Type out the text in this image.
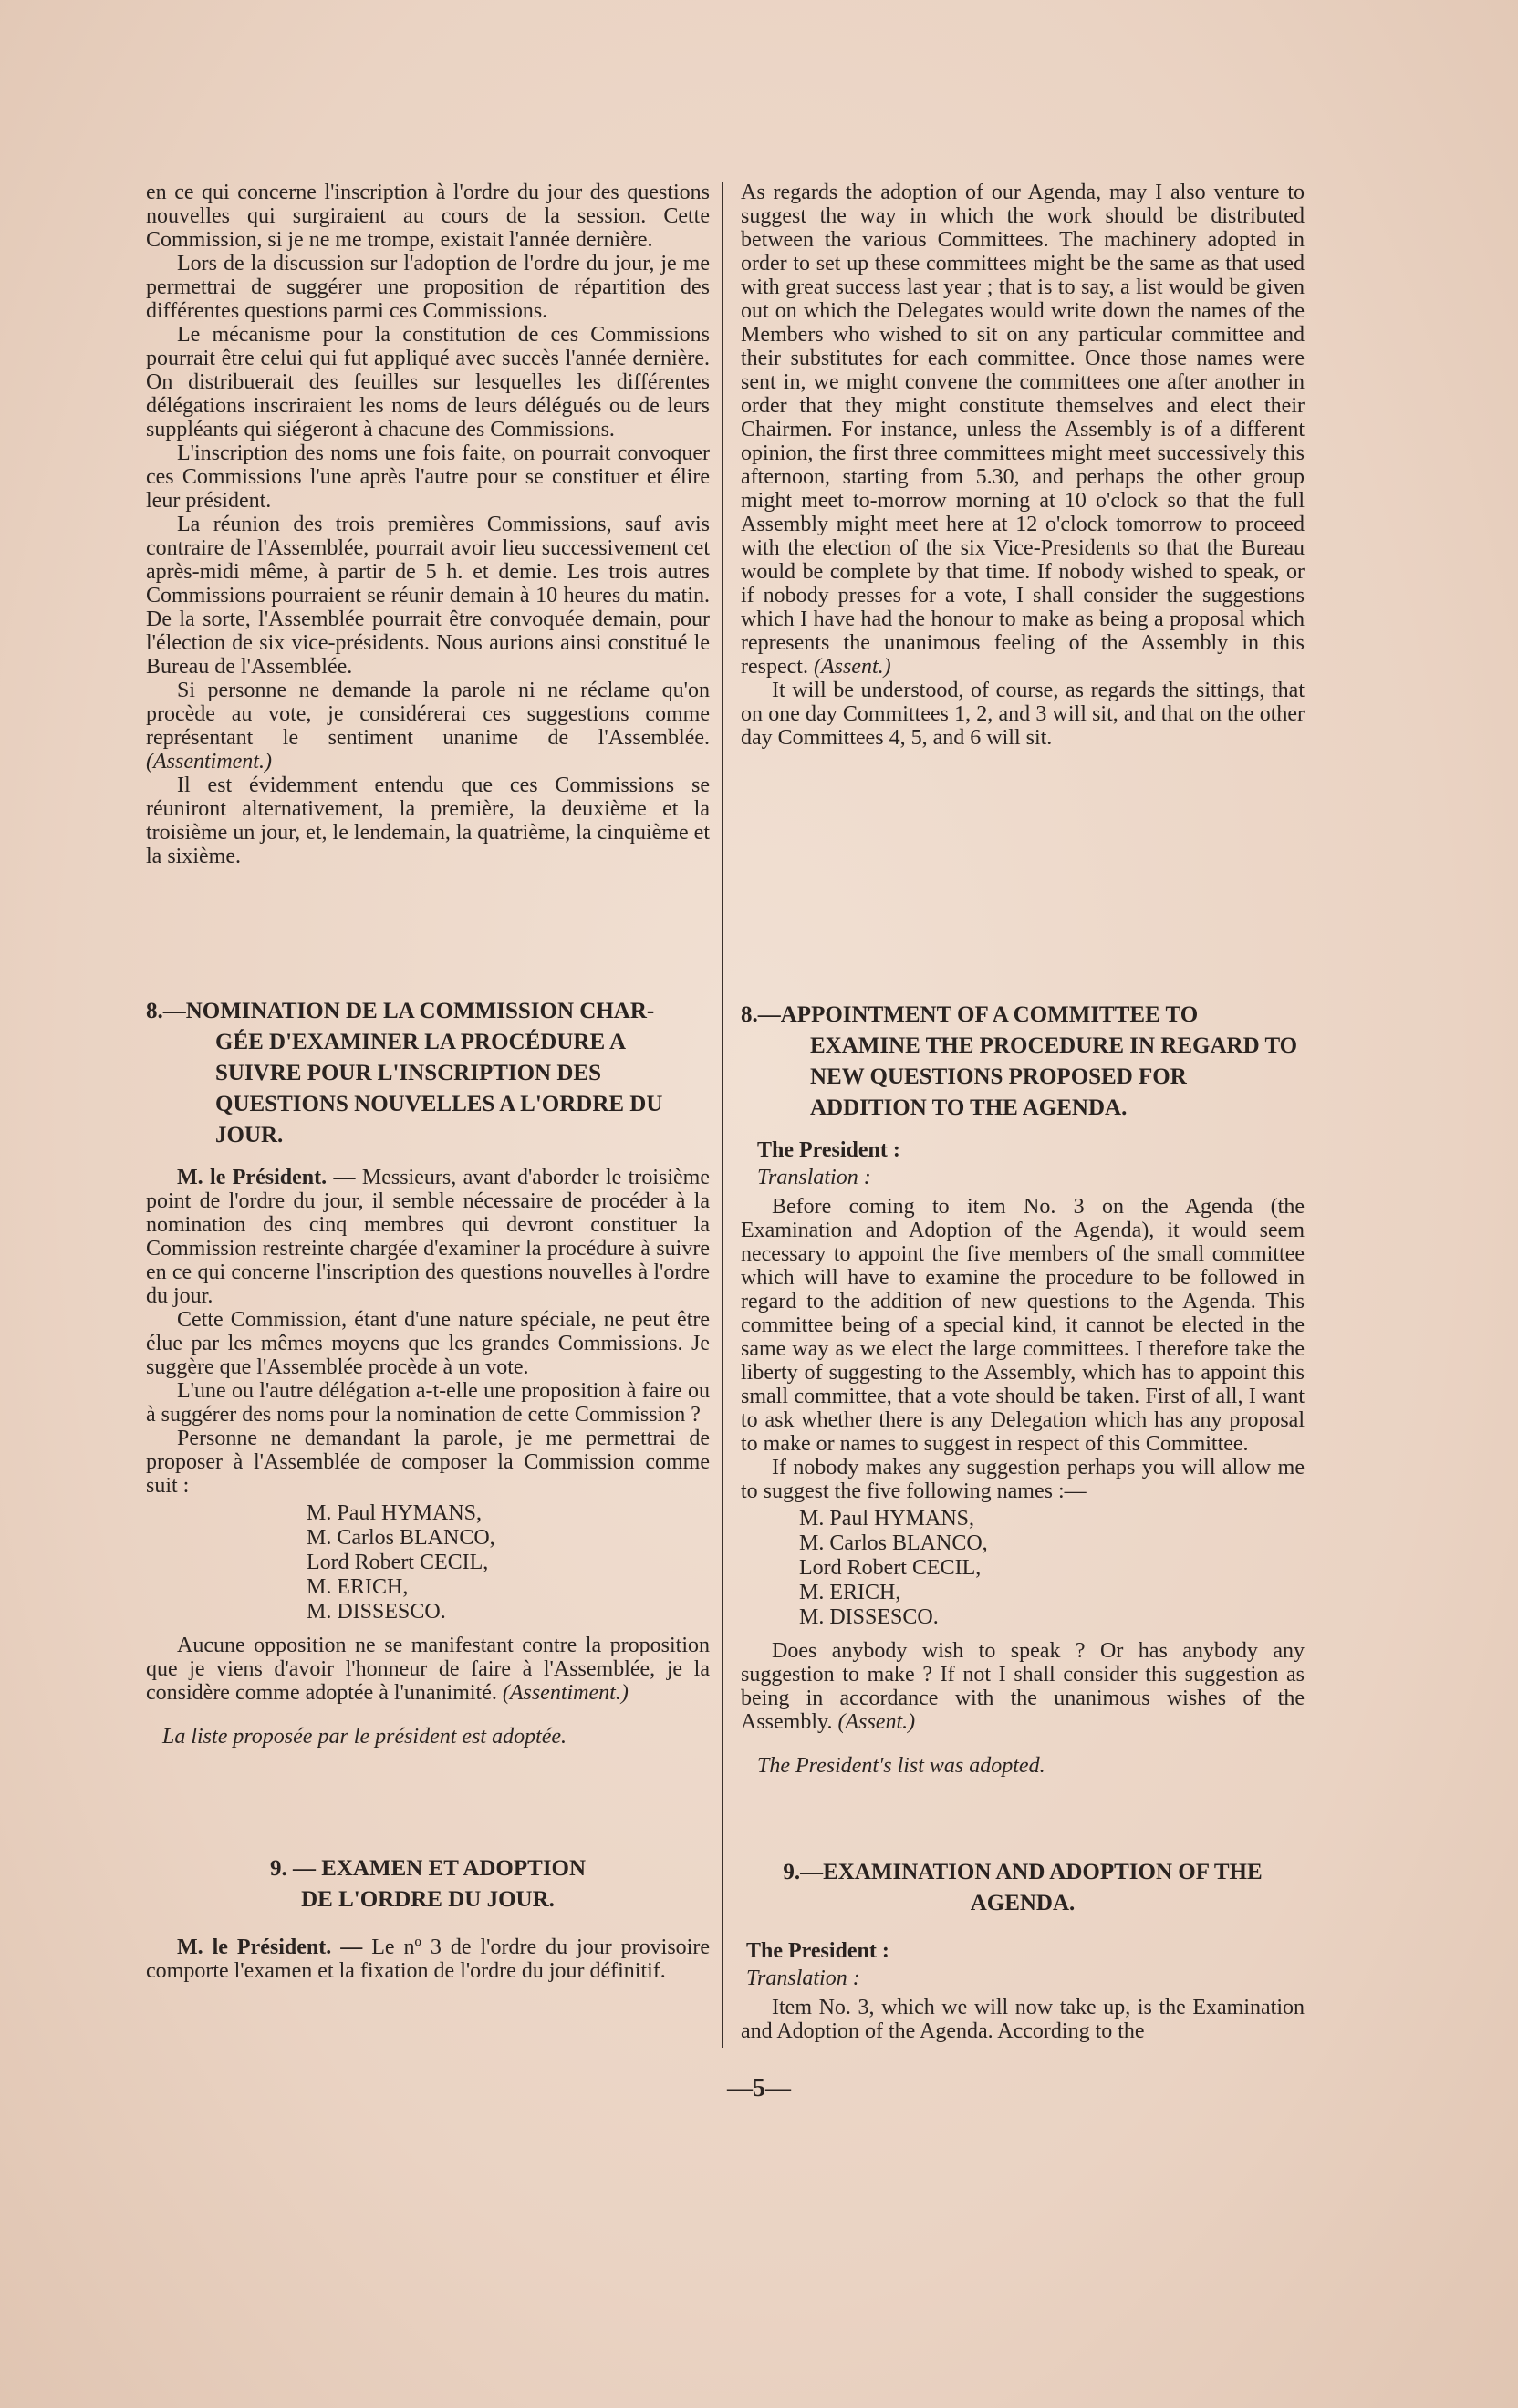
en ce qui concerne l'inscription à l'ordre du jour des questions nouvelles qui surgiraient au cours de la session. Cette Commission, si je ne me trompe, existait l'année dernière.

Lors de la discussion sur l'adoption de l'ordre du jour, je me permettrai de suggérer une proposition de répartition des différentes questions parmi ces Commissions.

Le mécanisme pour la constitution de ces Commissions pourrait être celui qui fut appliqué avec succès l'année dernière. On distribuerait des feuilles sur lesquelles les différentes délégations inscriraient les noms de leurs délégués ou de leurs suppléants qui siégeront à chacune des Commissions.

L'inscription des noms une fois faite, on pourrait convoquer ces Commissions l'une après l'autre pour se constituer et élire leur président.

La réunion des trois premières Commissions, sauf avis contraire de l'Assemblée, pourrait avoir lieu successivement cet après-midi même, à partir de 5 h. et demie. Les trois autres Commissions pourraient se réunir demain à 10 heures du matin. De la sorte, l'Assemblée pourrait être convoquée demain, pour l'élection de six vice-présidents. Nous aurions ainsi constitué le Bureau de l'Assemblée.

Si personne ne demande la parole ni ne réclame qu'on procède au vote, je considérerai ces suggestions comme représentant le sentiment unanime de l'Assemblée. (Assentiment.)

Il est évidemment entendu que ces Commissions se réuniront alternativement, la première, la deuxième et la troisième un jour, et, le lendemain, la quatrième, la cinquième et la sixième.

8.—NOMINATION DE LA COMMISSION CHAR-
GÉE D'EXAMINER LA PROCÉDURE A SUIVRE POUR L'INSCRIPTION DES QUESTIONS NOUVELLES A L'ORDRE DU JOUR.

M. le Président. — Messieurs, avant d'aborder le troisième point de l'ordre du jour, il semble nécessaire de procéder à la nomination des cinq membres qui devront constituer la Commission restreinte chargée d'examiner la procédure à suivre en ce qui concerne l'inscription des questions nouvelles à l'ordre du jour.

Cette Commission, étant d'une nature spéciale, ne peut être élue par les mêmes moyens que les grandes Commissions. Je suggère que l'Assemblée procède à un vote.

L'une ou l'autre délégation a-t-elle une proposition à faire ou à suggérer des noms pour la nomination de cette Commission ?

Personne ne demandant la parole, je me permettrai de proposer à l'Assemblée de composer la Commission comme suit :

M. Paul HYMANS,
M. Carlos BLANCO,
Lord Robert CECIL,
M. ERICH,
M. DISSESCO.

Aucune opposition ne se manifestant contre la proposition que je viens d'avoir l'honneur de faire à l'Assemblée, je la considère comme adoptée à l'unanimité. (Assentiment.)

La liste proposée par le président est adoptée.

9. — EXAMEN ET ADOPTION
DE L'ORDRE DU JOUR.

M. le Président. — Le nº 3 de l'ordre du jour provisoire comporte l'examen et la fixation de l'ordre du jour définitif.

As regards the adoption of our Agenda, may I also venture to suggest the way in which the work should be distributed between the various Committees. The machinery adopted in order to set up these committees might be the same as that used with great success last year ; that is to say, a list would be given out on which the Delegates would write down the names of the Members who wished to sit on any particular committee and their substitutes for each committee. Once those names were sent in, we might convene the committees one after another in order that they might constitute themselves and elect their Chairmen. For instance, unless the Assembly is of a different opinion, the first three committees might meet successively this afternoon, starting from 5.30, and perhaps the other group might meet to-morrow morning at 10 o'clock so that the full Assembly might meet here at 12 o'clock tomorrow to proceed with the election of the six Vice-Presidents so that the Bureau would be complete by that time. If nobody wished to speak, or if nobody presses for a vote, I shall consider the suggestions which I have had the honour to make as being a proposal which represents the unanimous feeling of the Assembly in this respect. (Assent.)

It will be understood, of course, as regards the sittings, that on one day Committees 1, 2, and 3 will sit, and that on the other day Committees 4, 5, and 6 will sit.

8.—APPOINTMENT OF A COMMITTEE TO
EXAMINE THE PROCEDURE IN REGARD TO NEW QUESTIONS PROPOSED FOR ADDITION TO THE AGENDA.

The President :

Translation :

Before coming to item No. 3 on the Agenda (the Examination and Adoption of the Agenda), it would seem necessary to appoint the five members of the small committee which will have to examine the procedure to be followed in regard to the addition of new questions to the Agenda. This committee being of a special kind, it cannot be elected in the same way as we elect the large committees. I therefore take the liberty of suggesting to the Assembly, which has to appoint this small committee, that a vote should be taken. First of all, I want to ask whether there is any Delegation which has any proposal to make or names to suggest in respect of this Committee.

If nobody makes any suggestion perhaps you will allow me to suggest the five following names :—

M. Paul HYMANS,
M. Carlos BLANCO,
Lord Robert CECIL,
M. ERICH,
M. DISSESCO.

Does anybody wish to speak ? Or has anybody any suggestion to make ? If not I shall consider this suggestion as being in accordance with the unanimous wishes of the Assembly. (Assent.)

The President's list was adopted.

9.—EXAMINATION AND ADOPTION OF THE
AGENDA.

The President :

Translation :

Item No. 3, which we will now take up, is the Examination and Adoption of the Agenda. According to the

—5—
